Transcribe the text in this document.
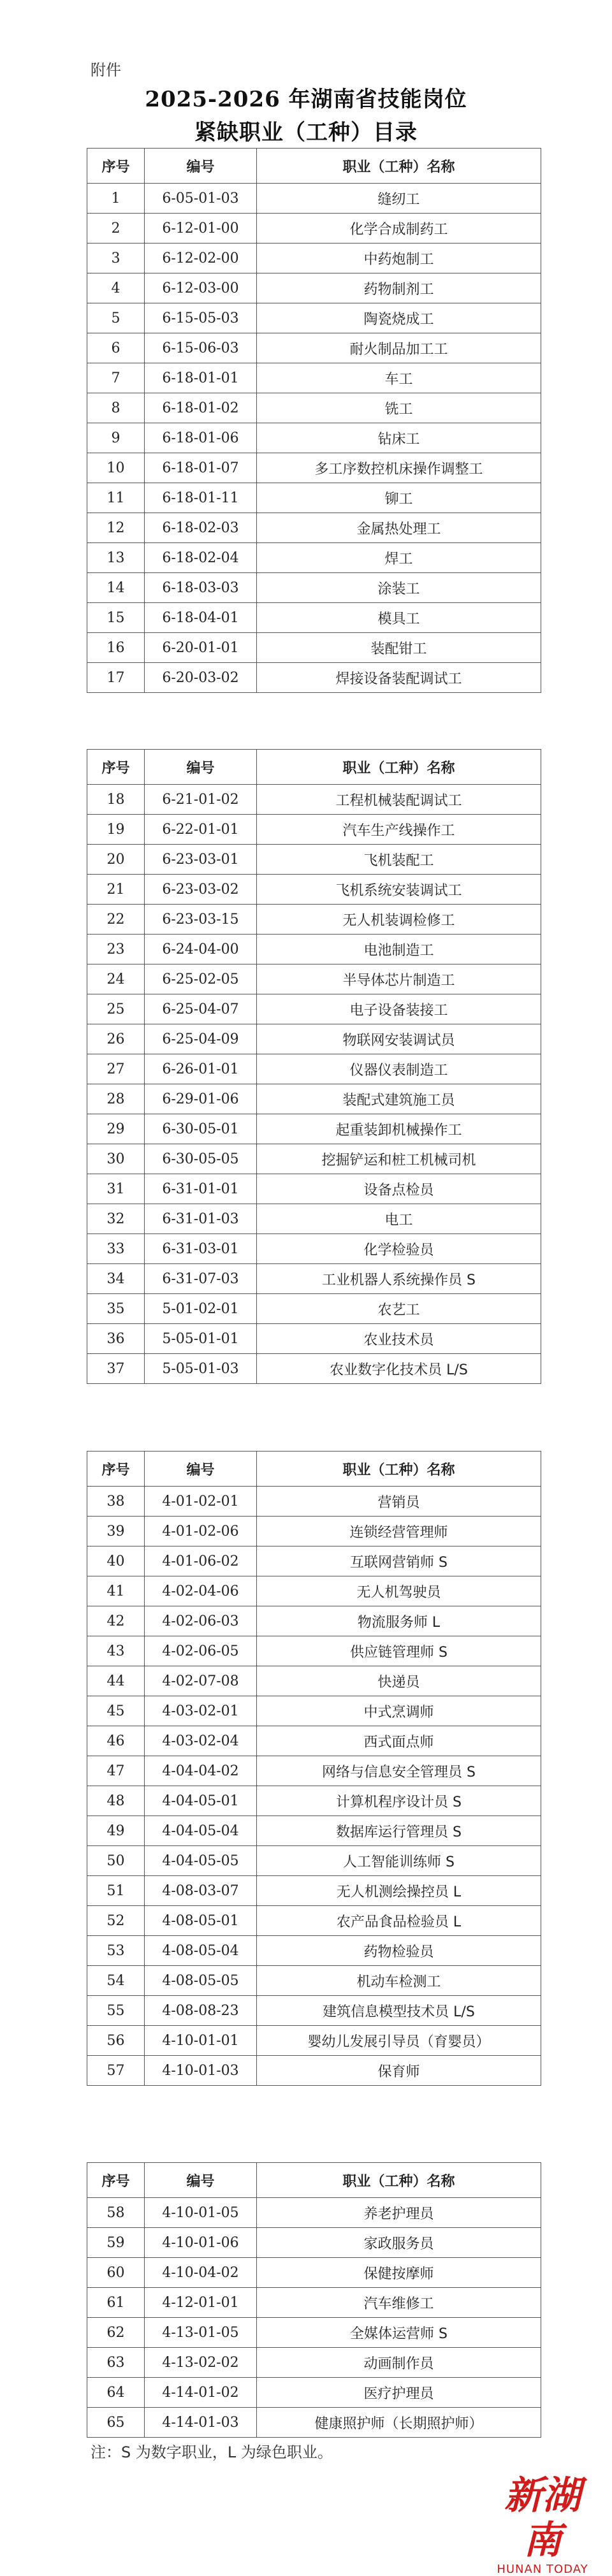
附件
2025-2026 年湖南省技能岗位
紧缺职业（工种）目录
序号	编号	职业（工种）名称
1	6-05-01-03	缝纫工
2	6-12-01-00	化学合成制药工
3	6-12-02-00	中药炮制工
4	6-12-03-00	药物制剂工
5	6-15-05-03	陶瓷烧成工
6	6-15-06-03	耐火制品加工工
7	6-18-01-01	车工
8	6-18-01-02	铣工
9	6-18-01-06	钻床工
10	6-18-01-07	多工序数控机床操作调整工
11	6-18-01-11	铆工
12	6-18-02-03	金属热处理工
13	6-18-02-04	焊工
14	6-18-03-03	涂装工
15	6-18-04-01	模具工
16	6-20-01-01	装配钳工
17	6-20-03-02	焊接设备装配调试工
序号	编号	职业（工种）名称
18	6-21-01-02	工程机械装配调试工
19	6-22-01-01	汽车生产线操作工
20	6-23-03-01	飞机装配工
21	6-23-03-02	飞机系统安装调试工
22	6-23-03-15	无人机装调检修工
23	6-24-04-00	电池制造工
24	6-25-02-05	半导体芯片制造工
25	6-25-04-07	电子设备装接工
26	6-25-04-09	物联网安装调试员
27	6-26-01-01	仪器仪表制造工
28	6-29-01-06	装配式建筑施工员
29	6-30-05-01	起重装卸机械操作工
30	6-30-05-05	挖掘铲运和桩工机械司机
31	6-31-01-01	设备点检员
32	6-31-01-03	电工
33	6-31-03-01	化学检验员
34	6-31-07-03	工业机器人系统操作员 S
35	5-01-02-01	农艺工
36	5-05-01-01	农业技术员
37	5-05-01-03	农业数字化技术员 L/S
序号	编号	职业（工种）名称
38	4-01-02-01	营销员
39	4-01-02-06	连锁经营管理师
40	4-01-06-02	互联网营销师 S
41	4-02-04-06	无人机驾驶员
42	4-02-06-03	物流服务师 L
43	4-02-06-05	供应链管理师 S
44	4-02-07-08	快递员
45	4-03-02-01	中式烹调师
46	4-03-02-04	西式面点师
47	4-04-04-02	网络与信息安全管理员 S
48	4-04-05-01	计算机程序设计员 S
49	4-04-05-04	数据库运行管理员 S
50	4-04-05-05	人工智能训练师 S
51	4-08-03-07	无人机测绘操控员 L
52	4-08-05-01	农产品食品检验员 L
53	4-08-05-04	药物检验员
54	4-08-05-05	机动车检测工
55	4-08-08-23	建筑信息模型技术员 L/S
56	4-10-01-01	婴幼儿发展引导员（育婴员）
57	4-10-01-03	保育师
序号	编号	职业（工种）名称
58	4-10-01-05	养老护理员
59	4-10-01-06	家政服务员
60	4-10-04-02	保健按摩师
61	4-12-01-01	汽车维修工
62	4-13-01-05	全媒体运营师 S
63	4-13-02-02	动画制作员
64	4-14-01-02	医疗护理员
65	4-14-01-03	健康照护师（长期照护师）
注：S 为数字职业，L 为绿色职业。
新湖南
HUNAN TODAY
